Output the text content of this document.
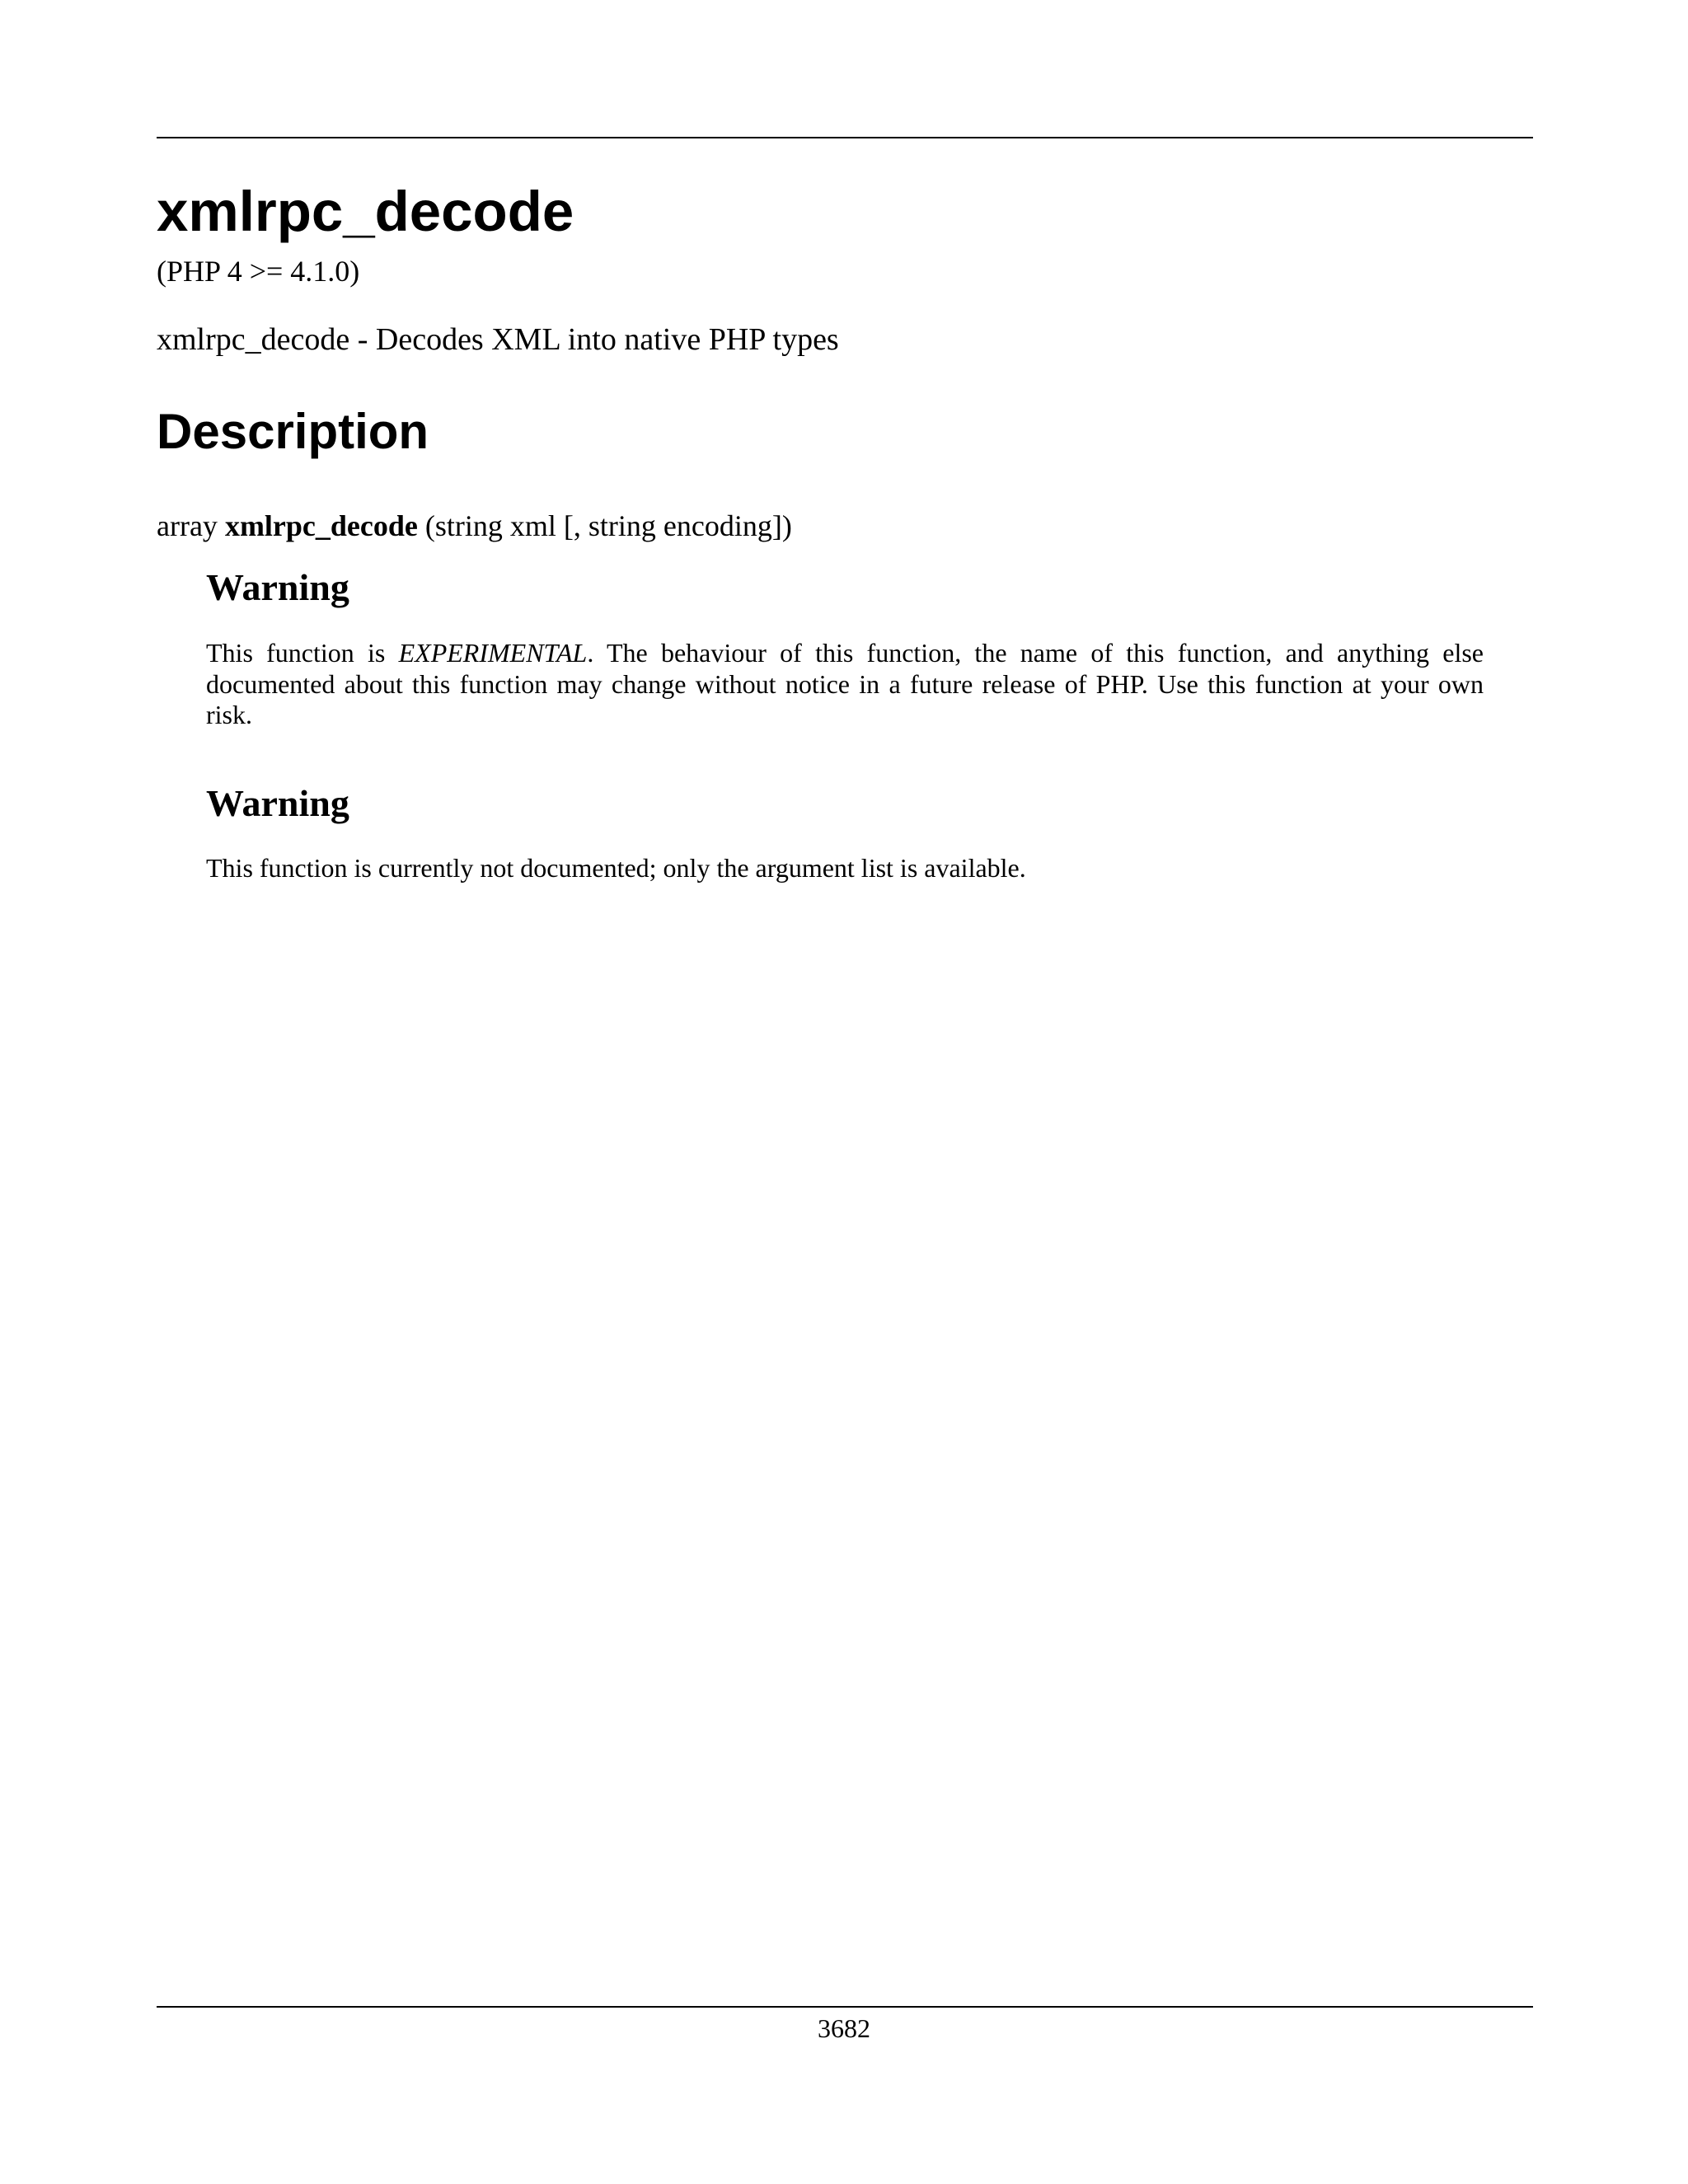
xmlrpc_decode
(PHP 4 >= 4.1.0)
xmlrpc_decode - Decodes XML into native PHP types
Description
array xmlrpc_decode (string xml [, string encoding])
Warning

This function is EXPERIMENTAL. The behaviour of this function, the name of this function, and anything else documented about this function may change without notice in a future release of PHP. Use this function at your own risk.

Warning

This function is currently not documented; only the argument list is available.

3682
